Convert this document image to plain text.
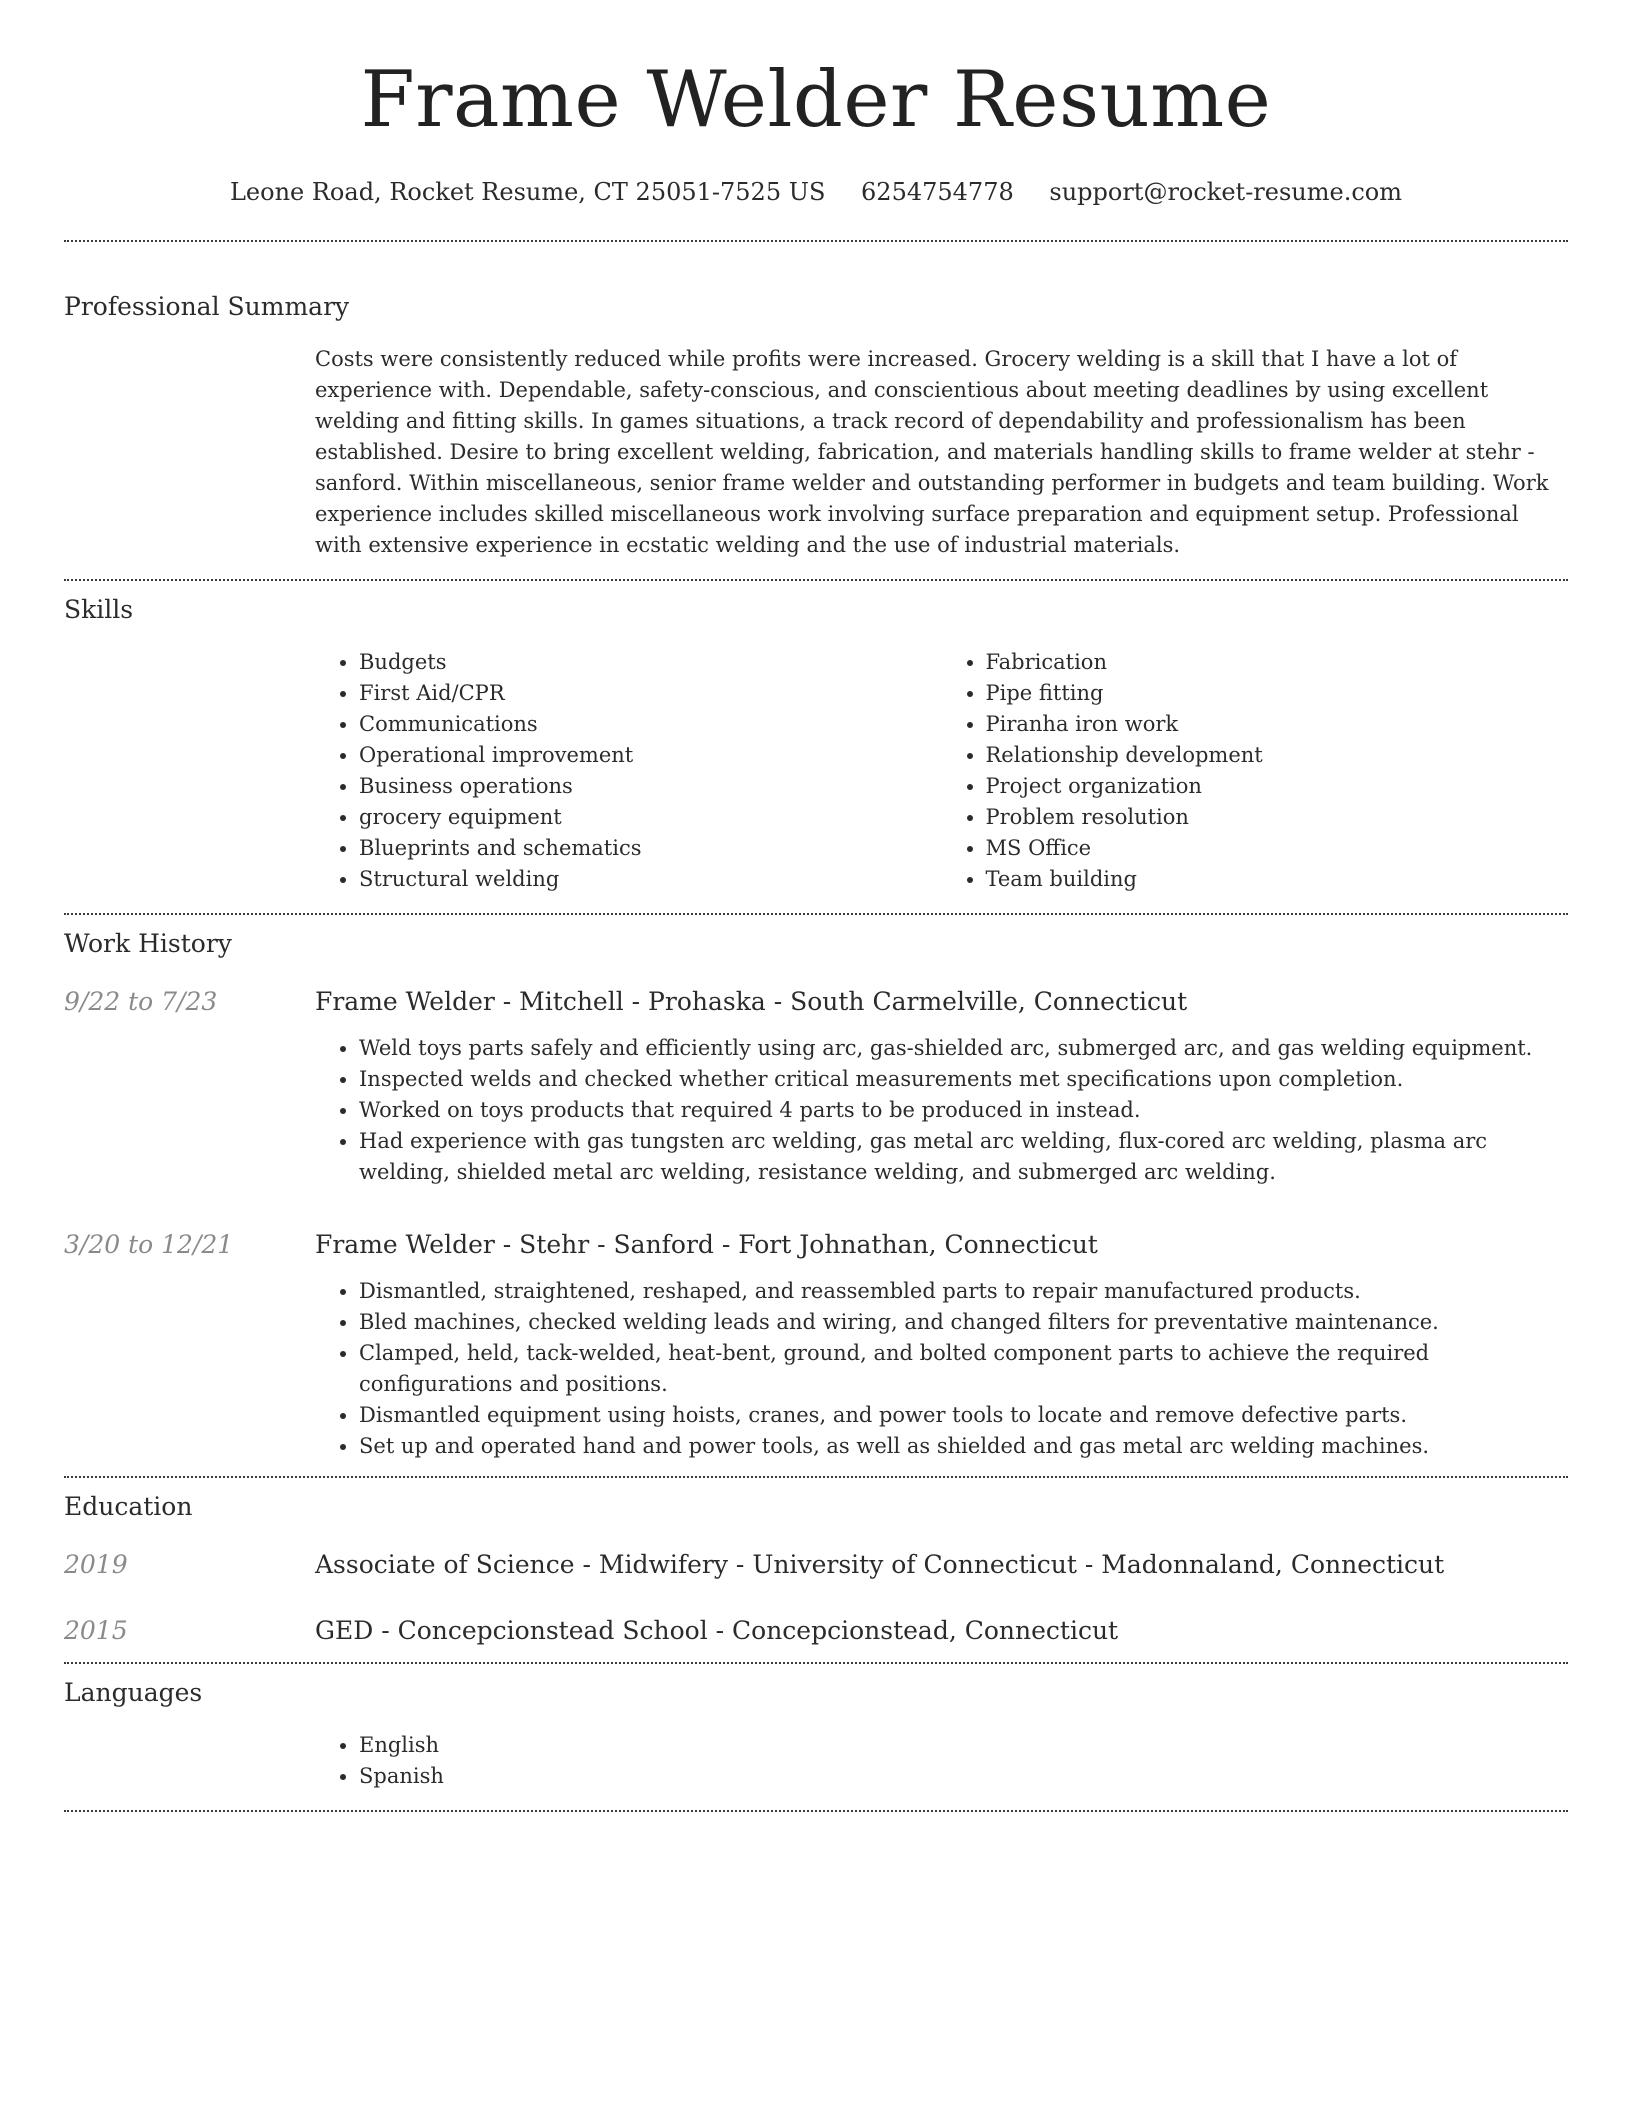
Frame Welder Resume
Leone Road, Rocket Resume, CT 25051-7525 US 6254754778 support@rocket-resume.com
Professional Summary

Costs were consistently reduced while profits were increased. Grocery welding is a skill that I have a lot of experience with. Dependable, safety-conscious, and conscientious about meeting deadlines by using excellent welding and fitting skills. In games situations, a track record of dependability and professionalism has been established. Desire to bring excellent welding, fabrication, and materials handling skills to frame welder at stehr - sanford. Within miscellaneous, senior frame welder and outstanding performer in budgets and team building. Work experience includes skilled miscellaneous work involving surface preparation and equipment setup. Professional with extensive experience in ecstatic welding and the use of industrial materials.

Skills
• Budgets
• First Aid/CPR
• Communications
• Operational improvement
• Business operations
• grocery equipment
• Blueprints and schematics
• Structural welding
• Fabrication
• Pipe fitting
• Piranha iron work
• Relationship development
• Project organization
• Problem resolution
• MS Office
• Team building
Work History
9/22 to 7/23	Frame Welder - Mitchell - Prohaska - South Carmelville, Connecticut
• Weld toys parts safely and efficiently using arc, gas-shielded arc, submerged arc, and gas welding equipment.
• Inspected welds and checked whether critical measurements met specifications upon completion.
• Worked on toys products that required 4 parts to be produced in instead.
• Had experience with gas tungsten arc welding, gas metal arc welding, flux-cored arc welding, plasma arc welding, shielded metal arc welding, resistance welding, and submerged arc welding.
3/20 to 12/21	Frame Welder - Stehr - Sanford - Fort Johnathan, Connecticut
• Dismantled, straightened, reshaped, and reassembled parts to repair manufactured products.
• Bled machines, checked welding leads and wiring, and changed filters for preventative maintenance.
• Clamped, held, tack-welded, heat-bent, ground, and bolted component parts to achieve the required configurations and positions.
• Dismantled equipment using hoists, cranes, and power tools to locate and remove defective parts.
• Set up and operated hand and power tools, as well as shielded and gas metal arc welding machines.
Education
2019	Associate of Science - Midwifery - University of Connecticut - Madonnaland, Connecticut
2015	GED - Concepcionstead School - Concepcionstead, Connecticut
Languages
• English
• Spanish
